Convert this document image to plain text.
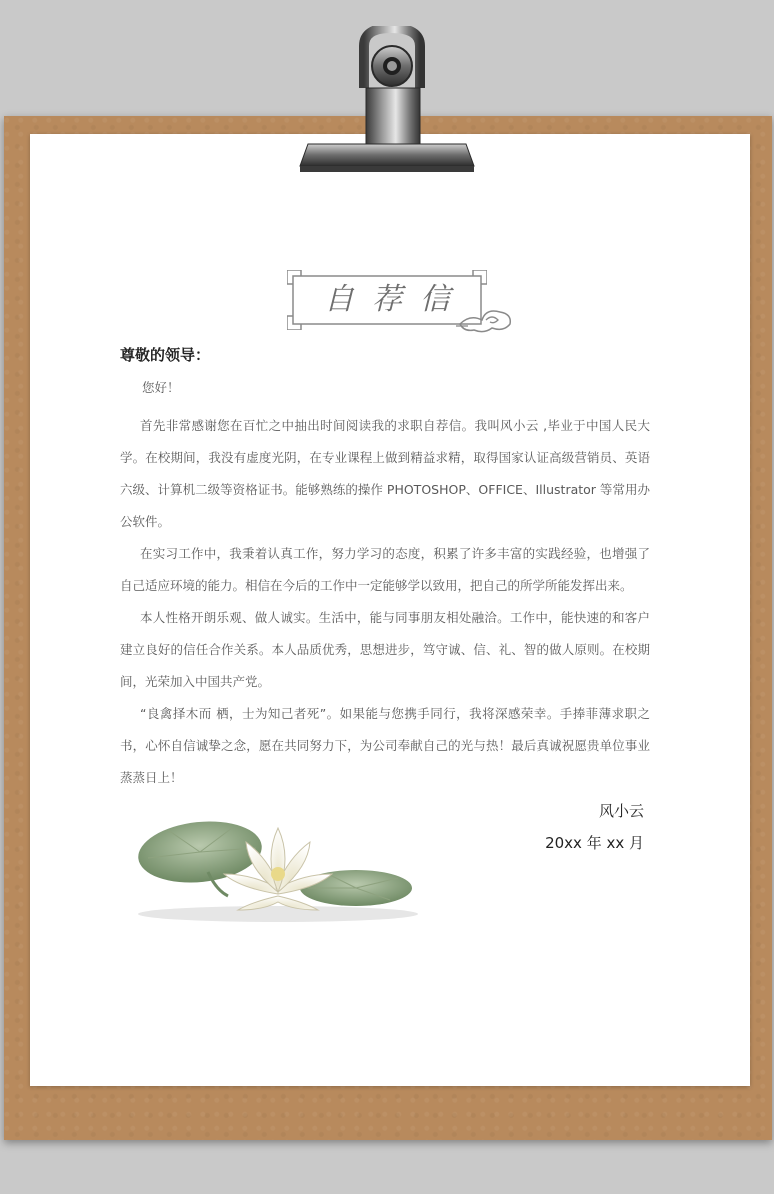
自荐信

尊敬的领导：

您好！

首先非常感谢您在百忙之中抽出时间阅读我的求职自荐信。我叫风小云 ,毕业于中国人民大学。在校期间，我没有虚度光阴，在专业课程上做到精益求精，取得国家认证高级营销员、英语六级、计算机二级等资格证书。能够熟练的操作 PHOTOSHOP、OFFICE、Illustrator 等常用办公软件。

在实习工作中，我秉着认真工作，努力学习的态度，积累了许多丰富的实践经验，也增强了自己适应环境的能力。相信在今后的工作中一定能够学以致用，把自己的所学所能发挥出来。

本人性格开朗乐观、做人诚实。生活中，能与同事朋友相处融洽。工作中，能快速的和客户建立良好的信任合作关系。本人品质优秀，思想进步，笃守诚、信、礼、智的做人原则。在校期间，光荣加入中国共产党。

“良禽择木而 栖，士为知己者死”。如果能与您携手同行，我将深感荣幸。手捧菲薄求职之书，心怀自信诚挚之念，愿在共同努力下，为公司奉献自己的光与热！最后真诚祝愿贵单位事业蒸蒸日上！

风小云
20xx 年 xx 月
